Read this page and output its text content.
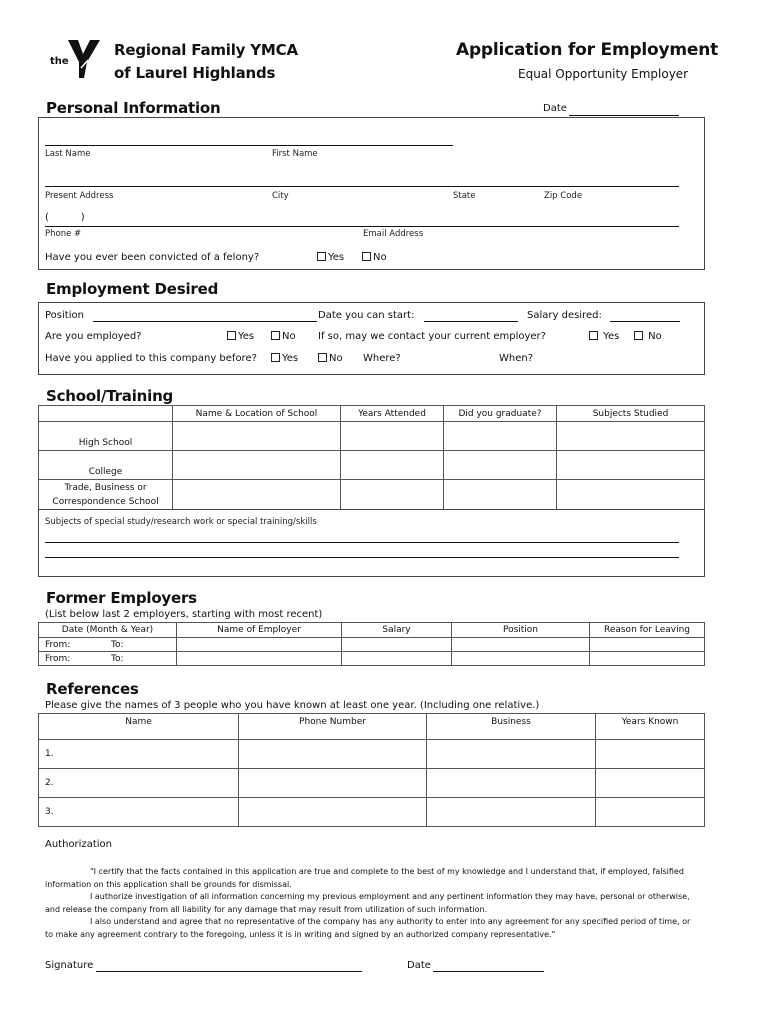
the
Regional Family YMCA
of Laurel Highlands
Application for Employment
Equal Opportunity Employer
Personal Information	Date
Last Name	First Name
Present Address	City	State	Zip Code
(          )
Phone #	Email Address
Have you ever been convicted of a felony?	Yes	No
Employment Desired
Position	Date you can start:	Salary desired:
Are you employed?	Yes	No If so, may we contact your current employer?	Yes	No
Have you applied to this company before?	Yes	No Where?	When?
School/Training
	Name & Location of School	Years Attended	Did you graduate?	Subjects Studied
High School				
College				
Trade, Business or Correspondence School				
Subjects of special study/research work or special training/skills
Former Employers
(List below last 2 employers, starting with most recent)
Date (Month & Year)	Name of Employer	Salary	Position	Reason for Leaving
From: To:				

From: To:				

References
Please give the names of 3 people who you have known at least one year. (Including one relative.)
Name	Phone Number	Business	Years Known
1.			
2.			
3.			
Authorization
"I certify that the facts contained in this application are true and complete to the best of my knowledge and I understand that, if employed, falsified information on this application shall be grounds for dismissal.
I authorize investigation of all information concerning my previous employment and any pertinent information they may have, personal or otherwise, and release the company from all liability for any damage that may result from utilization of such information.
I also understand and agree that no representative of the company has any authority to enter into any agreement for any specified period of time, or to make any agreement contrary to the foregoing, unless it is in writing and signed by an authorized company representative."
Signature	Date
